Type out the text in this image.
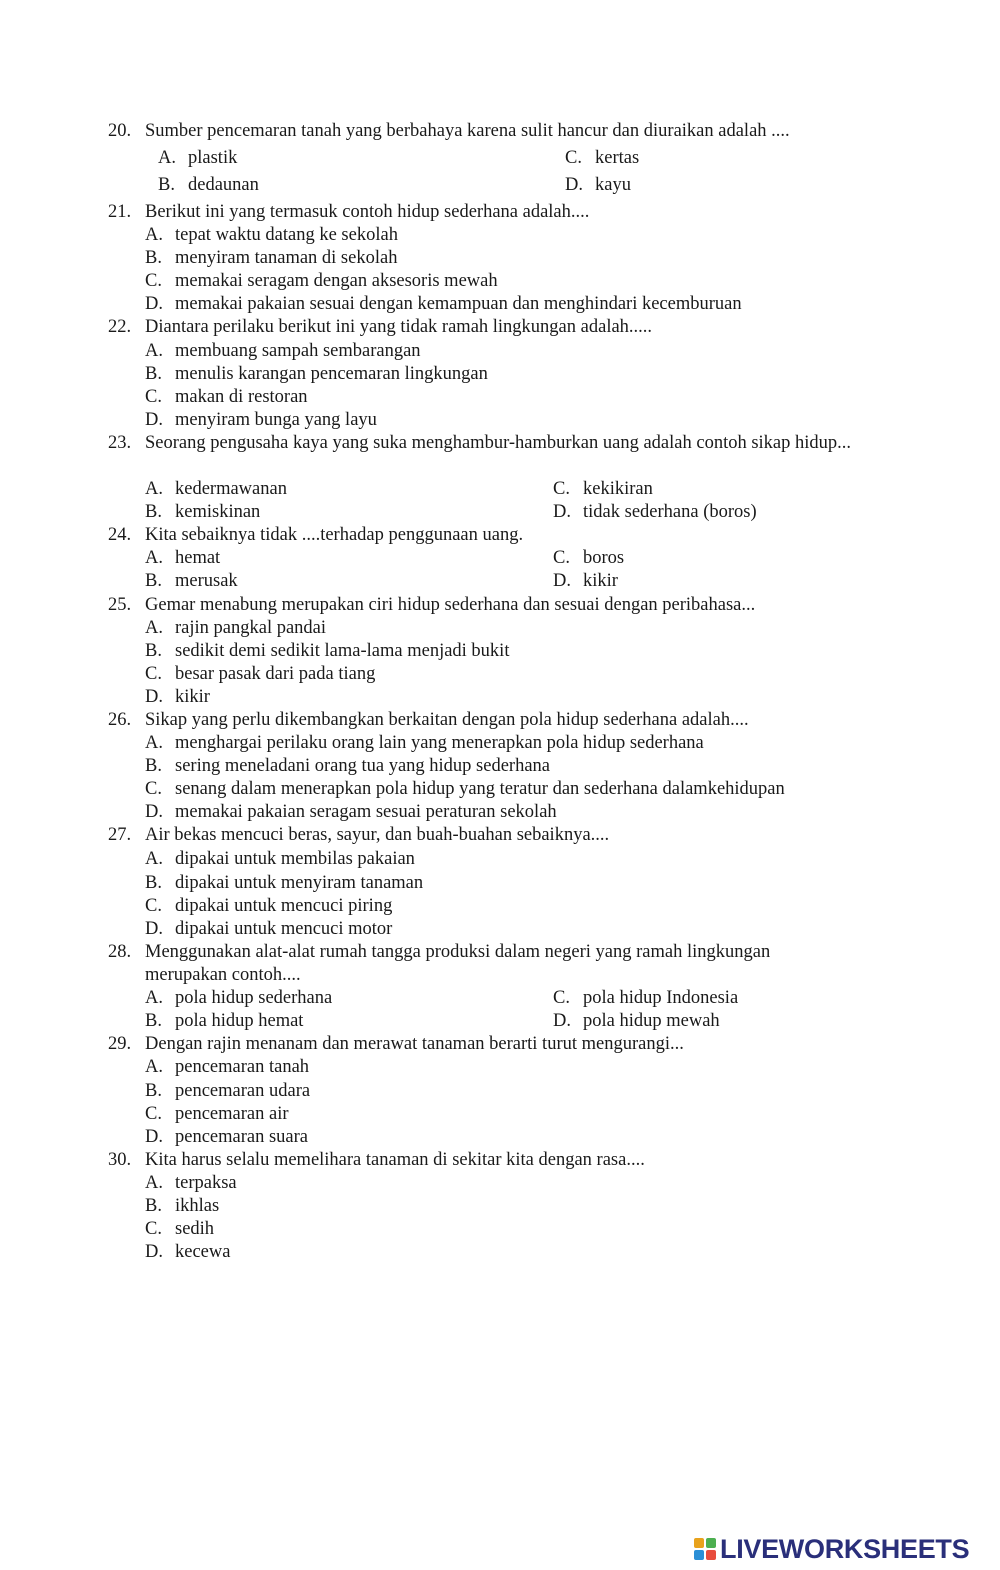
20. Sumber pencemaran tanah yang berbahaya karena sulit hancur dan diuraikan adalah ....
A. plastik	C. kertas
B. dedaunan	D. kayu
21. Berikut ini yang termasuk contoh hidup sederhana adalah....
A. tepat waktu datang ke sekolah
B. menyiram tanaman di sekolah
C. memakai seragam dengan aksesoris mewah
D. memakai pakaian sesuai dengan kemampuan dan menghindari kecemburuan
22. Diantara perilaku berikut ini yang tidak ramah lingkungan adalah.....
A. membuang sampah sembarangan
B. menulis karangan pencemaran lingkungan
C. makan di restoran
D. menyiram bunga yang layu
23. Seorang pengusaha kaya yang suka menghambur-hamburkan uang adalah contoh sikap hidup...
A. kedermawanan	C. kekikiran
B. kemiskinan	D. tidak sederhana (boros)
24. Kita sebaiknya tidak ....terhadap penggunaan uang.
A. hemat	C. boros
B. merusak	D. kikir
25. Gemar menabung merupakan ciri hidup sederhana dan sesuai dengan peribahasa...
A. rajin pangkal pandai
B. sedikit demi sedikit lama-lama menjadi bukit
C. besar pasak dari pada tiang
D. kikir
26. Sikap yang perlu dikembangkan berkaitan dengan pola hidup sederhana adalah....
A. menghargai perilaku orang lain yang menerapkan pola hidup sederhana
B. sering meneladani orang tua yang hidup sederhana
C. senang dalam menerapkan pola hidup yang teratur dan sederhana dalamkehidupan
D. memakai pakaian seragam sesuai peraturan sekolah
27. Air bekas mencuci beras, sayur, dan buah-buahan sebaiknya....
A. dipakai untuk membilas pakaian
B. dipakai untuk menyiram tanaman
C. dipakai untuk mencuci piring
D. dipakai untuk mencuci motor
28. Menggunakan alat-alat rumah tangga produksi dalam negeri yang ramah lingkungan merupakan contoh....
A. pola hidup sederhana	C. pola hidup Indonesia
B. pola hidup hemat	D. pola hidup mewah
29. Dengan rajin menanam dan merawat tanaman berarti turut mengurangi...
A. pencemaran tanah
B. pencemaran udara
C. pencemaran air
D. pencemaran suara
30. Kita harus selalu memelihara tanaman di sekitar kita dengan rasa....
A. terpaksa
B. ikhlas
C. sedih
D. kecewa
LIVEWORKSHEETS
